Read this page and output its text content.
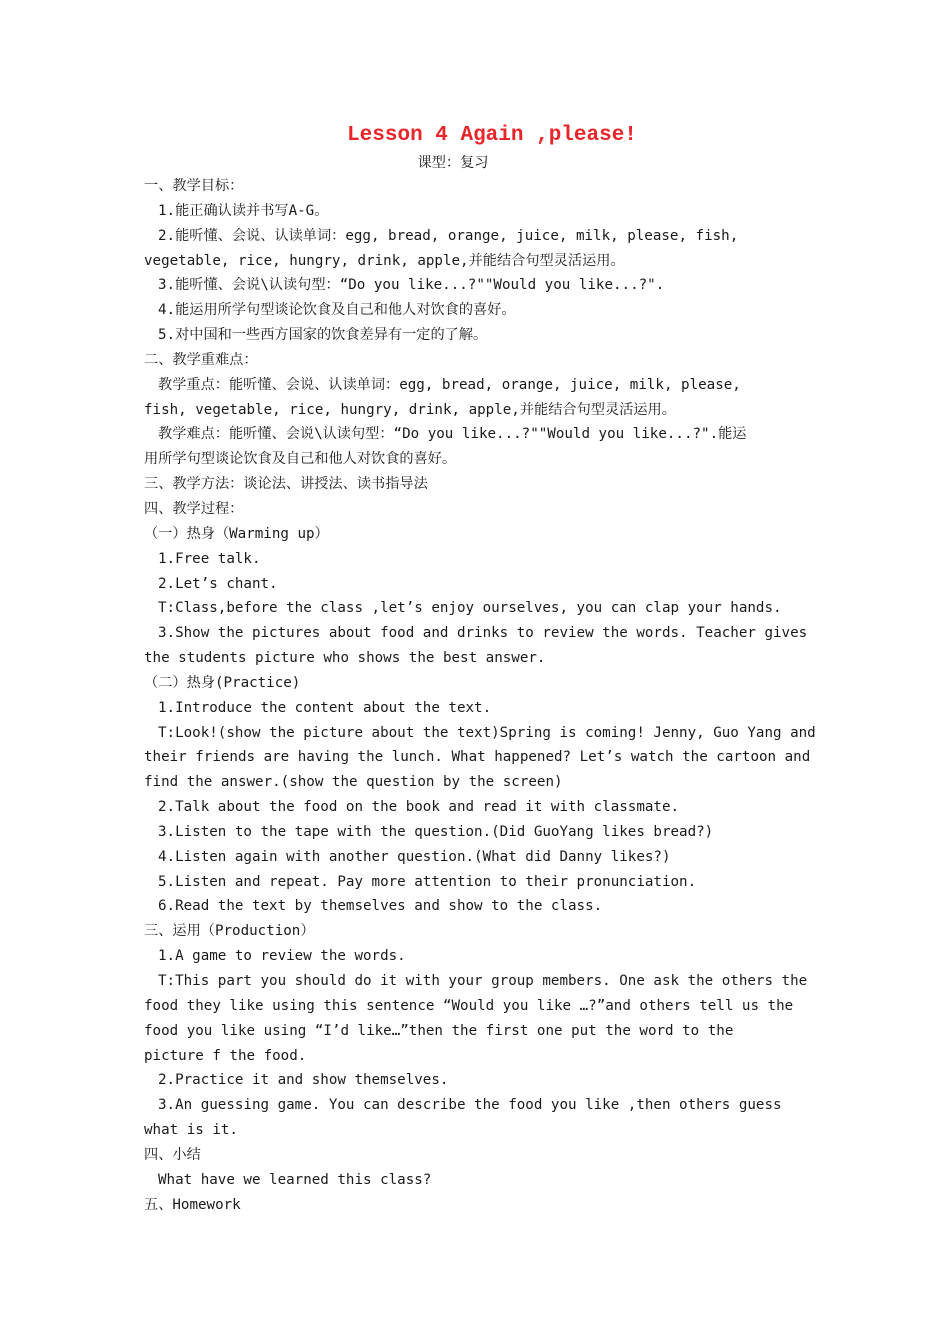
Lesson 4 Again ,please!
课型：复习
一、教学目标：
1.能正确认读并书写A-G。
2.能听懂、会说、认读单词：egg, bread, orange, juice, milk, please, fish,
vegetable, rice, hungry, drink, apple,并能结合句型灵活运用。
3.能听懂、会说\认读句型：“Do you like...?""Would you like...?".
4.能运用所学句型谈论饮食及自己和他人对饮食的喜好。
5.对中国和一些西方国家的饮食差异有一定的了解。
二、教学重难点：
教学重点：能听懂、会说、认读单词：egg, bread, orange, juice, milk, please,
fish, vegetable, rice, hungry, drink, apple,并能结合句型灵活运用。
教学难点：能听懂、会说\认读句型：“Do you like...?""Would you like...?".能运
用所学句型谈论饮食及自己和他人对饮食的喜好。
三、教学方法：谈论法、讲授法、读书指导法
四、教学过程：
（一）热身（Warming up）
1.Free talk.
2.Let’s chant.
T:Class,before the class ,let’s enjoy ourselves, you can clap your hands.
3.Show the pictures about food and drinks to review the words. Teacher gives
the students picture who shows the best answer.
（二）热身(Practice)
1.Introduce the content about the text.
T:Look!(show the picture about the text)Spring is coming! Jenny, Guo Yang and
their friends are having the lunch. What happened? Let’s watch the cartoon and
find the answer.(show the question by the screen)
2.Talk about the food on the book and read it with classmate.
3.Listen to the tape with the question.(Did GuoYang likes bread?)
4.Listen again with another question.(What did Danny likes?)
5.Listen and repeat. Pay more attention to their pronunciation.
6.Read the text by themselves and show to the class.
三、运用（Production）
1.A game to review the words.
T:This part you should do it with your group members. One ask the others the
food they like using this sentence “Would you like …?”and others tell us the
food you like using “I’d like…”then the first one put the word to the
picture f the food.
2.Practice it and show themselves.
3.An guessing game. You can describe the food you like ,then others guess
what is it.
四、小结
What have we learned this class?
五、Homework
